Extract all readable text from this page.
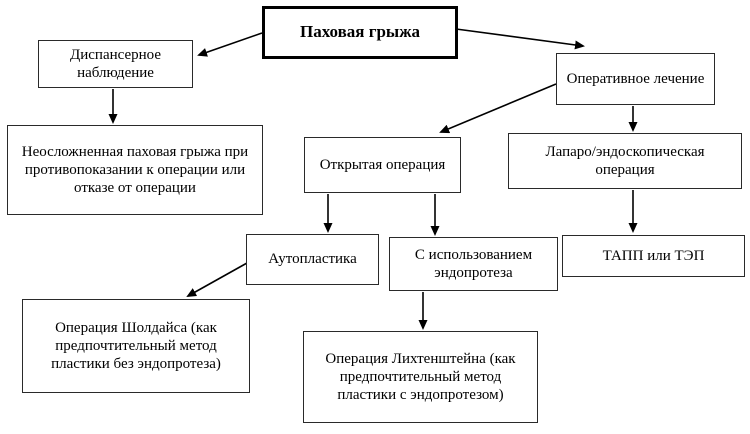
Паховая грыжа
Диспансерное наблюдение
Неосложненная паховая грыжа при противопоказании к операции или отказе от операции
Оперативное лечение
Открытая операция
Лапаро/эндоскопическая операция
Аутопластика	С использованием эндопротеза
ТАПП или ТЭП
Операция Шолдайса (как предпочтительный метод пластики без эндопротеза)	Операция Лихтенштейна (как предпочтительный метод пластики с эндопротезом)
